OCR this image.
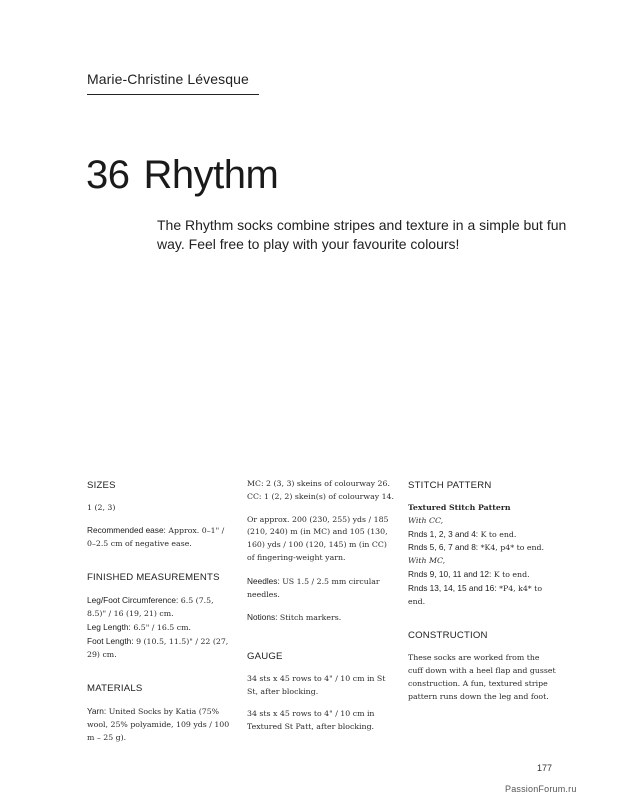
Marie-Christine Lévesque
36 Rhythm
The Rhythm socks combine stripes and texture in a simple but fun way. Feel free to play with your favourite colours!
SIZES
1 (2, 3)
Recommended ease: Approx. 0–1" / 0–2.5 cm of negative ease.
FINISHED MEASUREMENTS
Leg/Foot Circumference: 6.5 (7.5, 8.5)" / 16 (19, 21) cm.
Leg Length: 6.5" / 16.5 cm.
Foot Length: 9 (10.5, 11.5)" / 22 (27, 29) cm.
MATERIALS
Yarn: United Socks by Katia (75% wool, 25% polyamide, 109 yds / 100 m – 25 g).
MC: 2 (3, 3) skeins of colourway 26.
CC: 1 (2, 2) skein(s) of colourway 14.
Or approx. 200 (230, 255) yds / 185 (210, 240) m (in MC) and 105 (130, 160) yds / 100 (120, 145) m (in CC) of fingering-weight yarn.
Needles: US 1.5 / 2.5 mm circular needles.
Notions: Stitch markers.
GAUGE
34 sts x 45 rows to 4" / 10 cm in St St, after blocking.
34 sts x 45 rows to 4" / 10 cm in Textured St Patt, after blocking.
STITCH PATTERN
Textured Stitch Pattern
With CC,
Rnds 1, 2, 3 and 4: K to end.
Rnds 5, 6, 7 and 8: *K4, p4* to end.
With MC,
Rnds 9, 10, 11 and 12: K to end.
Rnds 13, 14, 15 and 16: *P4, k4* to end.
CONSTRUCTION
These socks are worked from the cuff down with a heel flap and gusset construction. A fun, textured stripe pattern runs down the leg and foot.
177
PassionForum.ru
